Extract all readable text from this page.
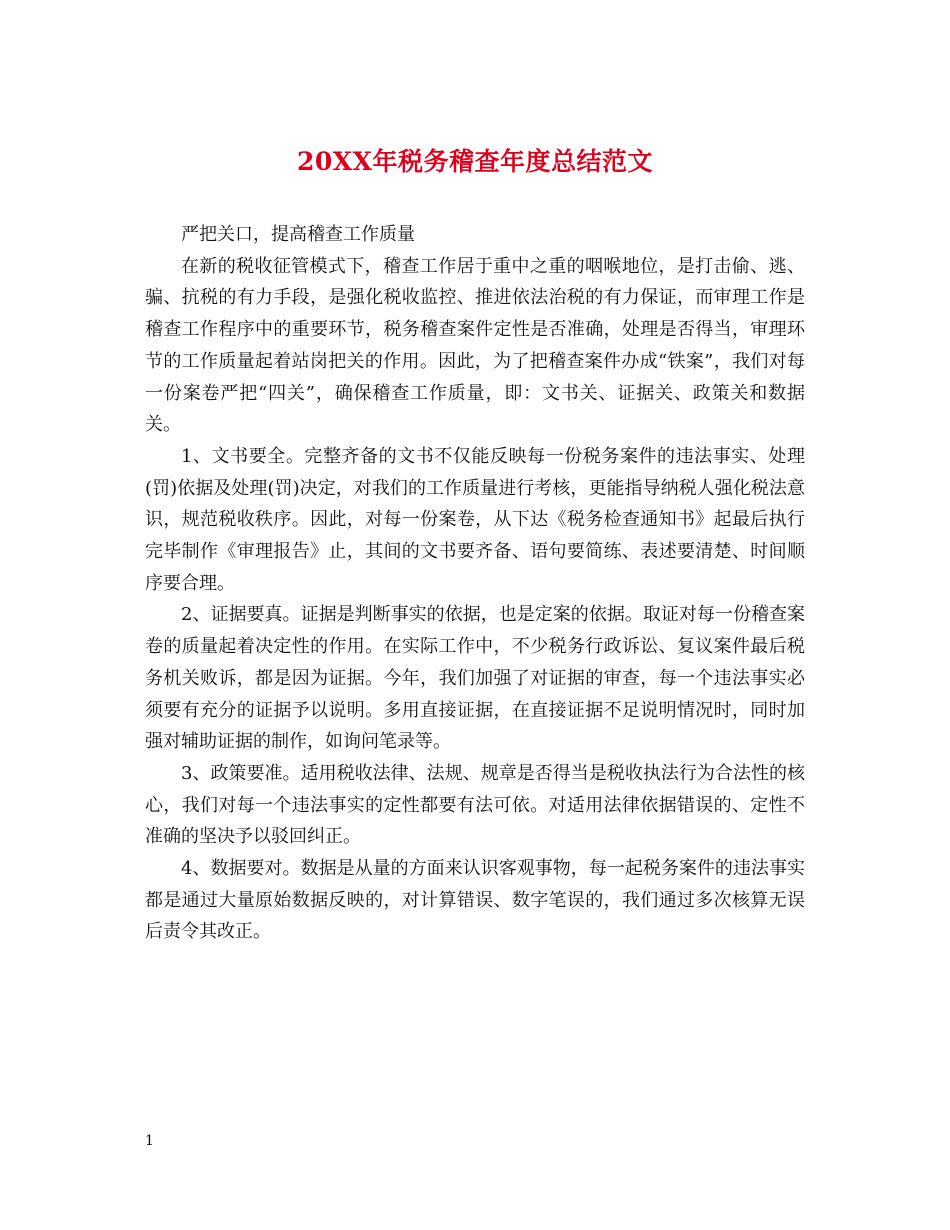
20XX年税务稽查年度总结范文

严把关口，提高稽查工作质量

在新的税收征管模式下，稽查工作居于重中之重的咽喉地位，是打击偷、逃、骗、抗税的有力手段，是强化税收监控、推进依法治税的有力保证，而审理工作是稽查工作程序中的重要环节，税务稽查案件定性是否准确，处理是否得当，审理环节的工作质量起着站岗把关的作用。因此，为了把稽查案件办成“铁案”，我们对每一份案卷严把“四关”，确保稽查工作质量，即：文书关、证据关、政策关和数据关。

1、文书要全。完整齐备的文书不仅能反映每一份税务案件的违法事实、处理(罚)依据及处理(罚)决定，对我们的工作质量进行考核，更能指导纳税人强化税法意识，规范税收秩序。因此，对每一份案卷，从下达《税务检查通知书》起最后执行完毕制作《审理报告》止，其间的文书要齐备、语句要简练、表述要清楚、时间顺序要合理。

2、证据要真。证据是判断事实的依据，也是定案的依据。取证对每一份稽查案卷的质量起着决定性的作用。在实际工作中，不少税务行政诉讼、复议案件最后税务机关败诉，都是因为证据。今年，我们加强了对证据的审查，每一个违法事实必须要有充分的证据予以说明。多用直接证据，在直接证据不足说明情况时，同时加强对辅助证据的制作，如询问笔录等。

3、政策要准。适用税收法律、法规、规章是否得当是税收执法行为合法性的核心，我们对每一个违法事实的定性都要有法可依。对适用法律依据错误的、定性不准确的坚决予以驳回纠正。

4、数据要对。数据是从量的方面来认识客观事物，每一起税务案件的违法事实都是通过大量原始数据反映的，对计算错误、数字笔误的，我们通过多次核算无误后责令其改正。

1
